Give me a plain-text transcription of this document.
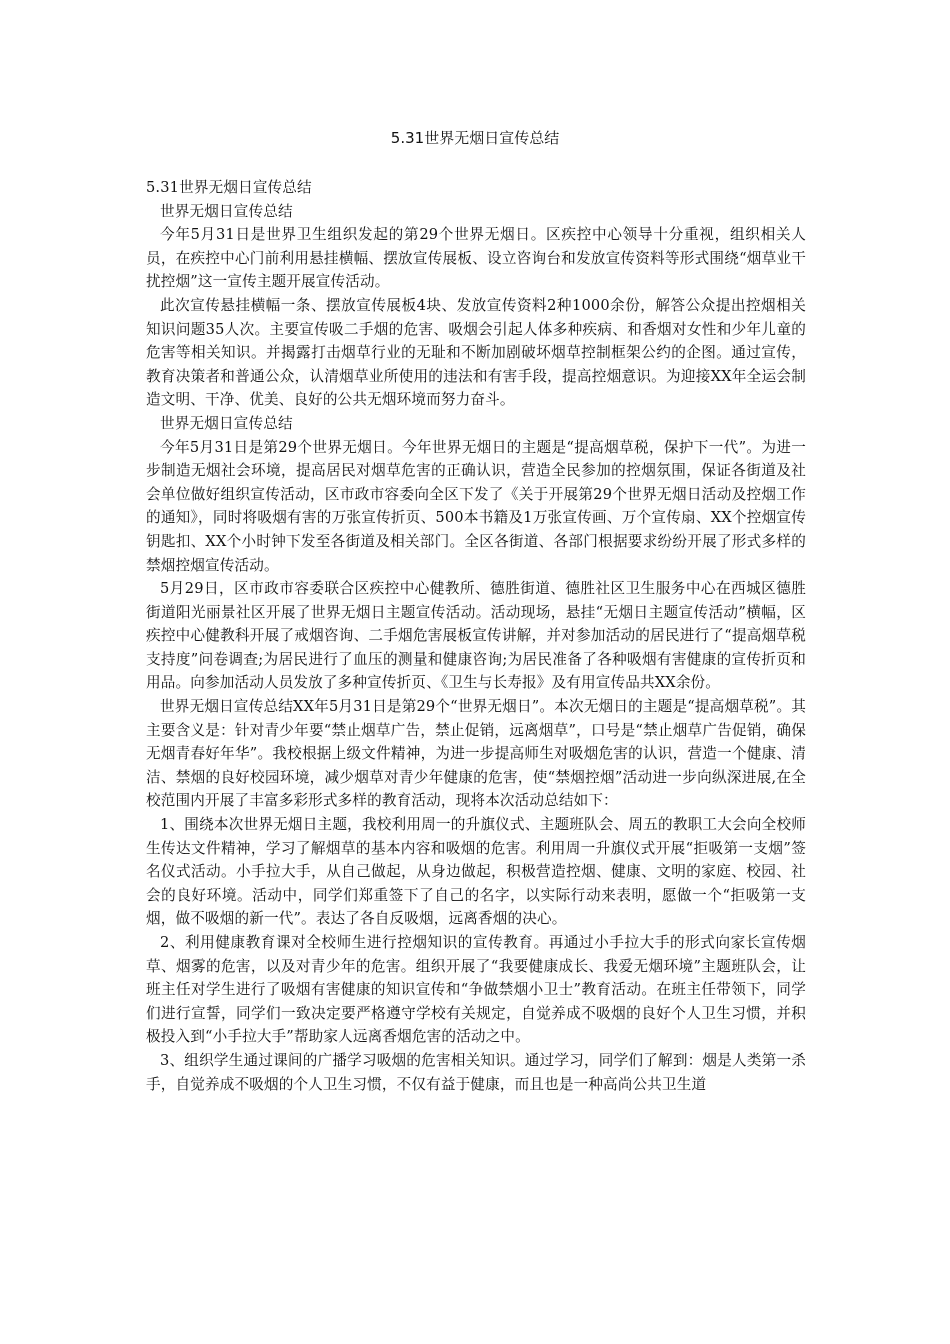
5.31世界无烟日宣传总结

5.31世界无烟日宣传总结

世界无烟日宣传总结

今年5月31日是世界卫生组织发起的第29个世界无烟日。区疾控中心领导十分重视，组织相关人员，在疾控中心门前利用悬挂横幅、摆放宣传展板、设立咨询台和发放宣传资料等形式围绕“烟草业干扰控烟”这一宣传主题开展宣传活动。

此次宣传悬挂横幅一条、摆放宣传展板4块、发放宣传资料2种1000余份，解答公众提出控烟相关知识问题35人次。主要宣传吸二手烟的危害、吸烟会引起人体多种疾病、和香烟对女性和少年儿童的危害等相关知识。并揭露打击烟草行业的无耻和不断加剧破坏烟草控制框架公约的企图。通过宣传，教育决策者和普通公众，认清烟草业所使用的违法和有害手段，提高控烟意识。为迎接XX年全运会制造文明、干净、优美、良好的公共无烟环境而努力奋斗。

世界无烟日宣传总结

今年5月31日是第29个世界无烟日。今年世界无烟日的主题是“提高烟草税，保护下一代”。为进一步制造无烟社会环境，提高居民对烟草危害的正确认识，营造全民参加的控烟氛围，保证各街道及社会单位做好组织宣传活动，区市政市容委向全区下发了《关于开展第29个世界无烟日活动及控烟工作的通知》，同时将吸烟有害的万张宣传折页、500本书籍及1万张宣传画、万个宣传扇、XX个控烟宣传钥匙扣、XX个小时钟下发至各街道及相关部门。全区各街道、各部门根据要求纷纷开展了形式多样的禁烟控烟宣传活动。

5月29日，区市政市容委联合区疾控中心健教所、德胜街道、德胜社区卫生服务中心在西城区德胜街道阳光丽景社区开展了世界无烟日主题宣传活动。活动现场，悬挂“无烟日主题宣传活动”横幅，区疾控中心健教科开展了戒烟咨询、二手烟危害展板宣传讲解，并对参加活动的居民进行了“提高烟草税支持度”问卷调查;为居民进行了血压的测量和健康咨询;为居民准备了各种吸烟有害健康的宣传折页和用品。向参加活动人员发放了多种宣传折页、《卫生与长寿报》及有用宣传品共XX余份。

世界无烟日宣传总结XX年5月31日是第29个“世界无烟日”。本次无烟日的主题是“提高烟草税”。其主要含义是：针对青少年要“禁止烟草广告，禁止促销，远离烟草”，口号是“禁止烟草广告促销，确保无烟青春好年华”。我校根据上级文件精神，为进一步提高师生对吸烟危害的认识，营造一个健康、清洁、禁烟的良好校园环境，减少烟草对青少年健康的危害，使“禁烟控烟”活动进一步向纵深进展,在全校范围内开展了丰富多彩形式多样的教育活动，现将本次活动总结如下：

1、围绕本次世界无烟日主题，我校利用周一的升旗仪式、主题班队会、周五的教职工大会向全校师生传达文件精神，学习了解烟草的基本内容和吸烟的危害。利用周一升旗仪式开展“拒吸第一支烟”签名仪式活动。小手拉大手，从自己做起，从身边做起，积极营造控烟、健康、文明的家庭、校园、社会的良好环境。活动中，同学们郑重签下了自己的名字，以实际行动来表明，愿做一个“拒吸第一支烟，做不吸烟的新一代”。表达了各自反吸烟，远离香烟的决心。

2、利用健康教育课对全校师生进行控烟知识的宣传教育。再通过小手拉大手的形式向家长宣传烟草、烟雾的危害，以及对青少年的危害。组织开展了“我要健康成长、我爱无烟环境”主题班队会，让班主任对学生进行了吸烟有害健康的知识宣传和“争做禁烟小卫士”教育活动。在班主任带领下，同学们进行宣誓，同学们一致决定要严格遵守学校有关规定，自觉养成不吸烟的良好个人卫生习惯，并积极投入到“小手拉大手”帮助家人远离香烟危害的活动之中。

3、组织学生通过课间的广播学习吸烟的危害相关知识。通过学习，同学们了解到：烟是人类第一杀手，自觉养成不吸烟的个人卫生习惯，不仅有益于健康，而且也是一种高尚公共卫生道
